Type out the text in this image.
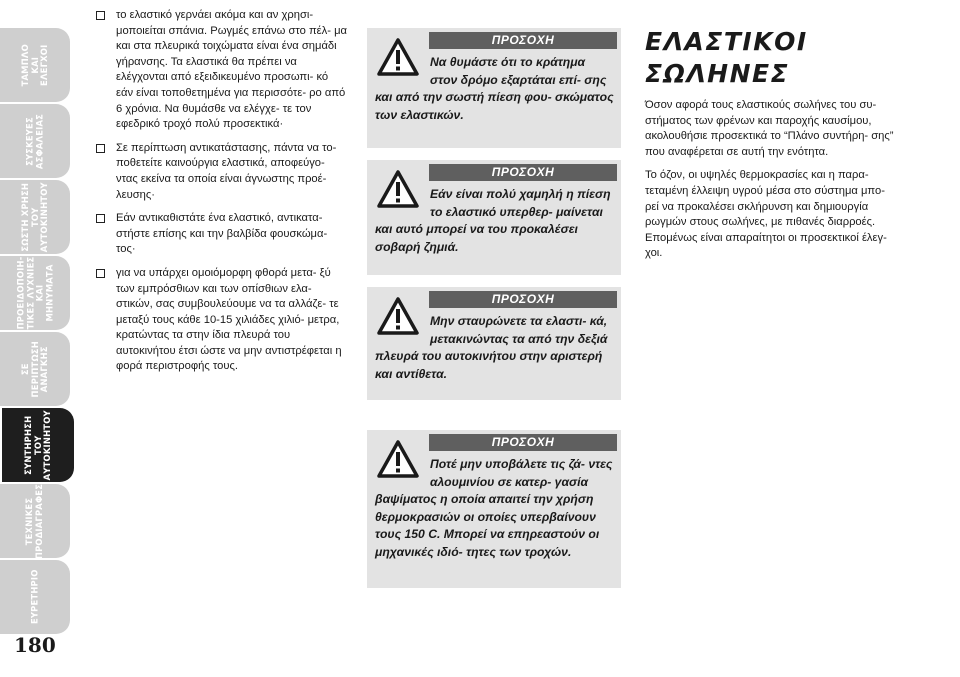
ΤΑΜΠΛΟ
ΚΑΙ
ΕΛΕΓΧΟΙ
ΣΥΣΚΕΥΕΣ
ΑΣΦΑΛΕΙΑΣ
ΣΩΣΤΗ ΧΡΗΣΗ
ΤΟΥ
ΑΥΤΟΚΙΝΗΤΟΥ
ΠΡΟΕΙΔΟΠΟΙΗ-
ΤΙΚΕΣ ΛΥΧΝΙΕΣ
ΚΑΙ ΜΗΝΥΜΑΤΑ
ΣΕ ΠΕΡΙΠΤΩΣΗ
ΑΝΑΓΚΗΣ
ΣΥΝΤΗΡΗΣΗ
ΤΟΥ
ΑΥΤΟΚΙΝΗΤΟΥ
ΤΕΧΝΙΚΕΣ
ΠΡΟΔΙΑΓΡΑΦΕΣ
ΕΥΡΕΤΗΡΙΟ
180
το ελαστικό γερνάει ακόμα και αν χρησι- μοποιείται σπάνια. Ρωγμές επάνω στο πέλ- μα και στα πλευρικά τοιχώματα είναι ένα σημάδι γήρανσης. Τα ελαστικά θα πρέπει να ελέγχονται από εξειδικευμένο προσωπι- κό εάν είναι τοποθετημένα για περισσότε- ρο από 6 χρόνια. Να θυμάσθε να ελέγχε- τε τον εφεδρικό τροχό πολύ προσεκτικά·
Σε περίπτωση αντικατάστασης, πάντα να το- ποθετείτε καινούργια ελαστικά, αποφεύγο- ντας εκείνα τα οποία είναι άγνωστης προέ- λευσης·
Εάν αντικαθιστάτε ένα ελαστικό, αντικατα- στήστε επίσης και την βαλβίδα φουσκώμα- τος·
για να υπάρχει ομοιόμορφη φθορά μετα- ξύ των εμπρόσθιων και των οπίσθιων ελα- στικών, σας συμβουλεύουμε να τα αλλάζε- τε μεταξύ τους κάθε 10-15 χιλιάδες χιλιό- μετρα, κρατώντας τα στην ίδια πλευρά του αυτοκινήτου έτσι ώστε να μην αντιστρέφεται η φορά περιστροφής τους.
ΠΡΟΣΟΧΗ
Να θυμάστε ότι το κράτημα στον δρόμο εξαρτάται επί- σης και από την σωστή πίεση φου- σκώματος των ελαστικών.
ΠΡΟΣΟΧΗ
Εάν είναι πολύ χαμηλή η πίεση το ελαστικό υπερθερ- μαίνεται και αυτό μπορεί να του προκαλέσει σοβαρή ζημιά.
ΠΡΟΣΟΧΗ
Μην σταυρώνετε τα ελαστι- κά, μετακινώντας τα από την δεξιά πλευρά του αυτοκινήτου στην αριστερή και αντίθετα.
ΠΡΟΣΟΧΗ
Ποτέ μην υποβάλετε τις ζά- ντες αλουμινίου σε κατερ- γασία βαψίματος η οποία απαιτεί την χρήση θερμοκρασιών οι οποίες υπερβαίνουν τους 150 C. Μπορεί να επηρεαστούν οι μηχανικές ιδιό- τητες των τροχών.
ΕΛΑΣΤΙΚΟΙ
ΣΩΛΗΝΕΣ

Όσον αφορά τους ελαστικούς σωλήνες του συ- στήματος των φρένων και παροχής καυσίμου, ακολουθήσιε προσεκτικά το “Πλάνο συντήρη- σης” που αναφέρεται σε αυτή την ενότητα.

Το όζον, οι υψηλές θερμοκρασίες και η παρα- τεταμένη έλλειψη υγρού μέσα στο σύστημα μπο- ρεί να προκαλέσει σκλήρυνση και δημιουργία ρωγμών στους σωλήνες, με πιθανές διαρροές. Επομένως είναι απαραίτητοι οι προσεκτικοί έλεγ- χοι.
